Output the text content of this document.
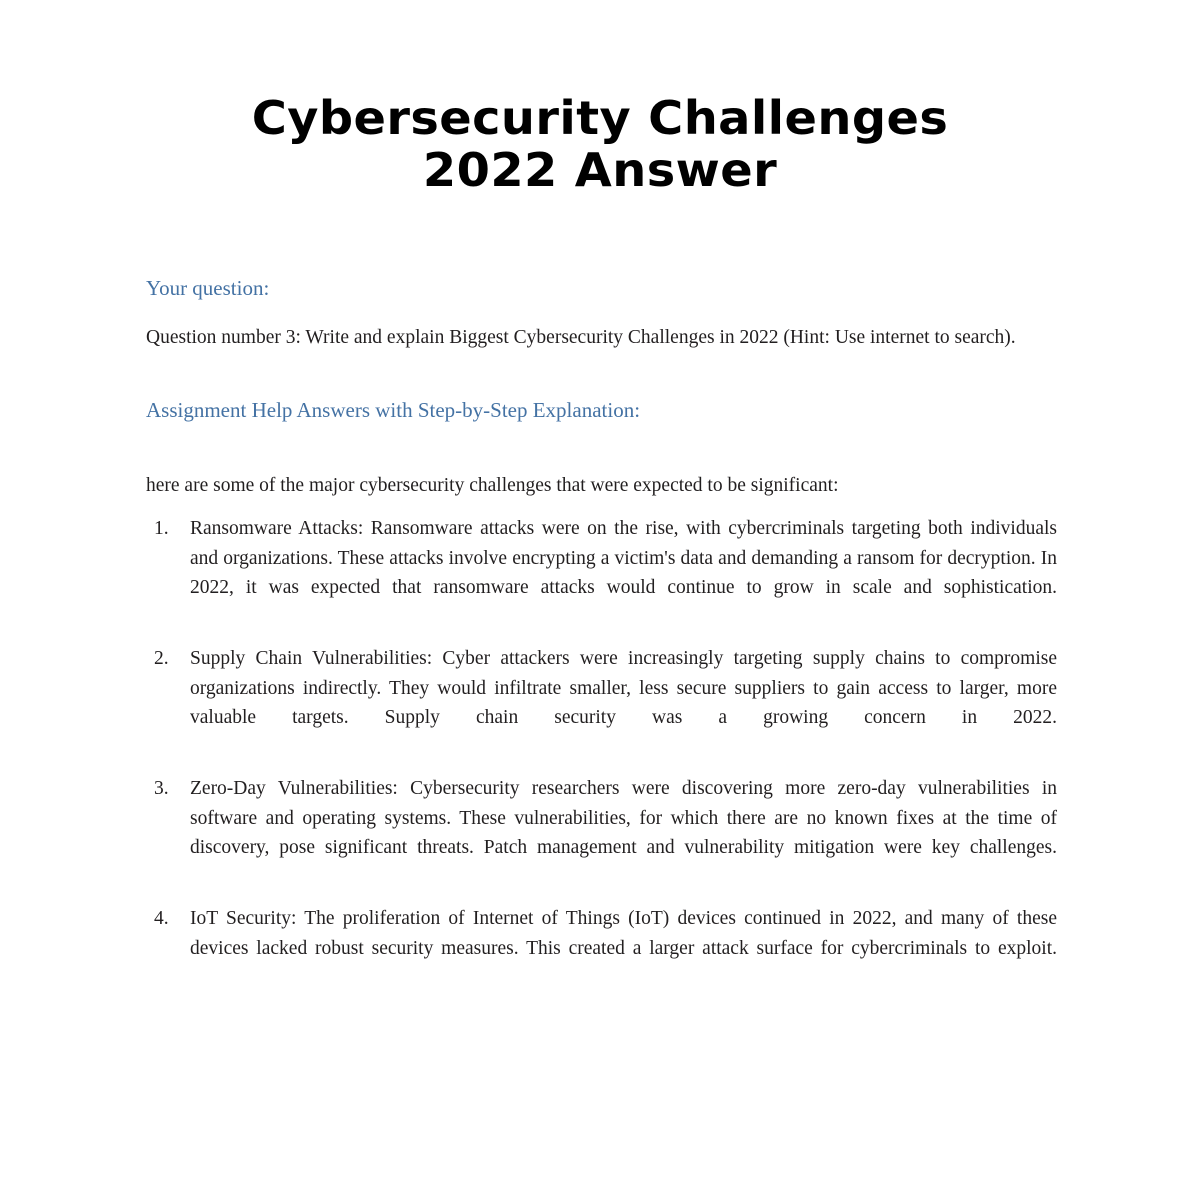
Cybersecurity Challenges
2022 Answer
Your question:

Question number 3: Write and explain Biggest Cybersecurity Challenges in 2022 (Hint: Use internet to search).

Assignment Help Answers with Step-by-Step Explanation:

here are some of the major cybersecurity challenges that were expected to be significant:

Ransomware Attacks: Ransomware attacks were on the rise, with cybercriminals targeting both individuals and organizations. These attacks involve encrypting a victim's data and demanding a ransom for decryption. In 2022, it was expected that ransomware attacks would continue to grow in scale and sophistication.
Supply Chain Vulnerabilities: Cyber attackers were increasingly targeting supply chains to compromise organizations indirectly. They would infiltrate smaller, less secure suppliers to gain access to larger, more valuable targets. Supply chain security was a growing concern in 2022.
Zero-Day Vulnerabilities: Cybersecurity researchers were discovering more zero-day vulnerabilities in software and operating systems. These vulnerabilities, for which there are no known fixes at the time of discovery, pose significant threats. Patch management and vulnerability mitigation were key challenges.
IoT Security: The proliferation of Internet of Things (IoT) devices continued in 2022, and many of these devices lacked robust security measures. This created a larger attack surface for cybercriminals to exploit.
